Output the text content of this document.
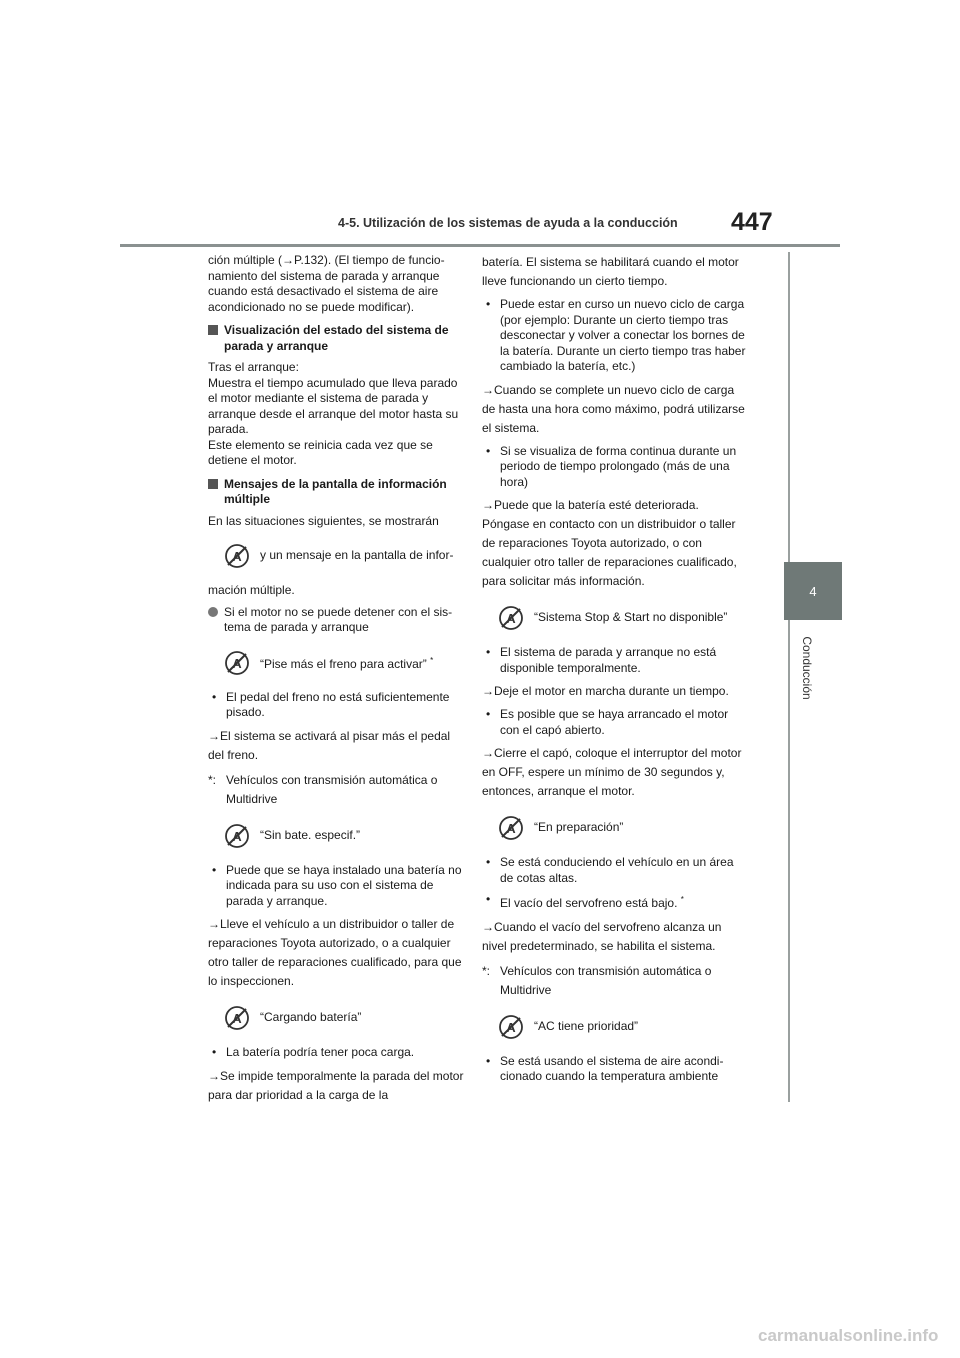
4-5. Utilización de los sistemas de ayuda a la conducción	447
4
Conducción

ción múltiple (→P.132). (El tiempo de funcionamiento del sistema de parada y arranque cuando está desactivado el sistema de aire acondicionado no se puede modificar).

Visualización del estado del sistema de parada y arranque

Tras el arranque:

Muestra el tiempo acumulado que lleva parado el motor mediante el sistema de parada y arranque desde el arranque del motor hasta su parada.

Este elemento se reinicia cada vez que se detiene el motor.

Mensajes de la pantalla de información múltiple

En las situaciones siguientes, se mostrarán

y un mensaje en la pantalla de infor-

mación múltiple.

Si el motor no se puede detener con el sistema de parada y arranque
“Pise más el freno para activar” *
• El pedal del freno no está suficientemente pisado.

→El sistema se activará al pisar más el pedal del freno.

*: Vehículos con transmisión automática o Multidrive
“Sin bate. especif.”
• Puede que se haya instalado una batería no indicada para su uso con el sistema de parada y arranque.

→Lleve el vehículo a un distribuidor o taller de reparaciones Toyota autorizado, o a cualquier otro taller de reparaciones cualificado, para que lo inspeccionen.

“Cargando batería”
• La batería podría tener poca carga.

→Se impide temporalmente la parada del motor para dar prioridad a la carga de la

batería. El sistema se habilitará cuando el motor lleve funcionando un cierto tiempo.

• Puede estar en curso un nuevo ciclo de carga (por ejemplo: Durante un cierto tiempo tras desconectar y volver a conectar los bornes de la batería. Durante un cierto tiempo tras haber cambiado la batería, etc.)

→Cuando se complete un nuevo ciclo de carga de hasta una hora como máximo, podrá utilizarse el sistema.

• Si se visualiza de forma continua durante un periodo de tiempo prolongado (más de una hora)

→Puede que la batería esté deteriorada. Póngase en contacto con un distribuidor o taller de reparaciones Toyota autorizado, o con cualquier otro taller de reparaciones cualificado, para solicitar más información.

“Sistema Stop & Start no disponible”
• El sistema de parada y arranque no está disponible temporalmente.

→Deje el motor en marcha durante un tiempo.

• Es posible que se haya arrancado el motor con el capó abierto.

→Cierre el capó, coloque el interruptor del motor en OFF, espere un mínimo de 30 segundos y, entonces, arranque el motor.

“En preparación”
• Se está conduciendo el vehículo en un área de cotas altas.
• El vacío del servofreno está bajo. *

→Cuando el vacío del servofreno alcanza un nivel predeterminado, se habilita el sistema.

*: Vehículos con transmisión automática o Multidrive
“AC tiene prioridad”
• Se está usando el sistema de aire acondicionado cuando la temperatura ambiente
carmanualsonline.info
